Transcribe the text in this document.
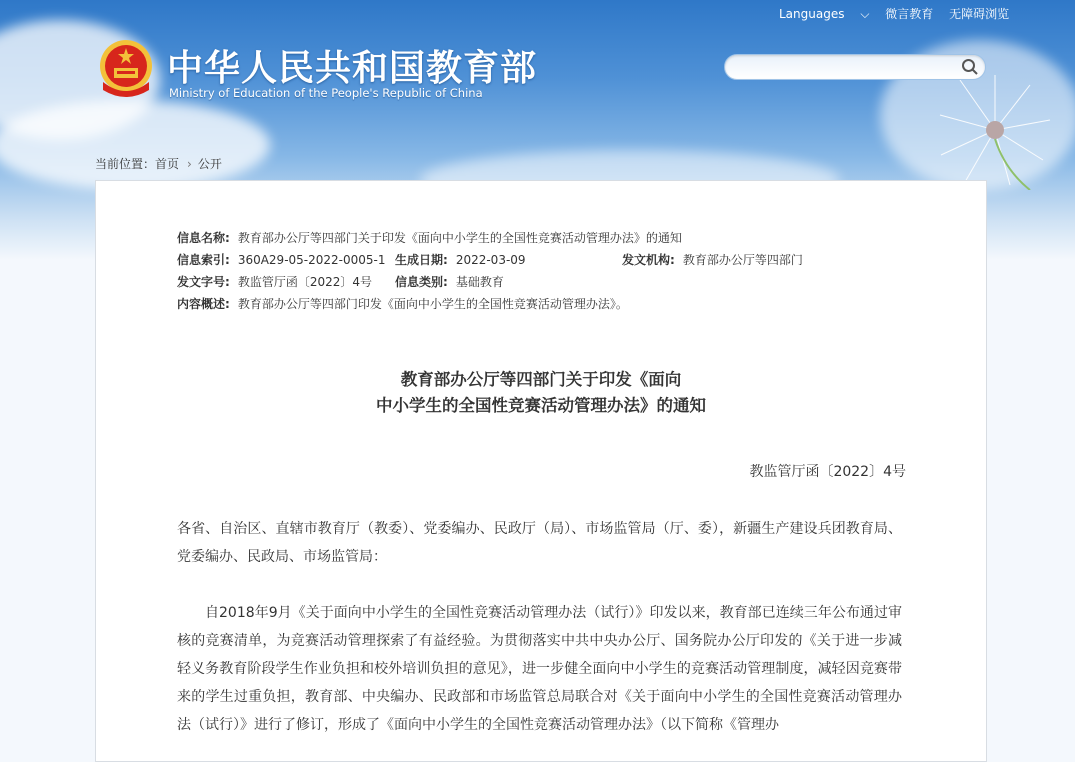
Languages ⌵ 微言教育 无障碍浏览
中华人民共和国教育部
Ministry of Education of the People's Republic of China
当前位置：首页 › 公开
信息名称: 教育部办公厅等四部门关于印发《面向中小学生的全国性竞赛活动管理办法》的通知
信息索引: 360A29-05-2022-0005-1 生成日期: 2022-03-09	发文机构: 教育部办公厅等四部门
发文字号: 教监管厅函〔2022〕4号 信息类别: 基础教育
内容概述: 教育部办公厅等四部门印发《面向中小学生的全国性竞赛活动管理办法》。
教育部办公厅等四部门关于印发《面向
中小学生的全国性竞赛活动管理办法》的通知
教监管厅函〔2022〕4号
各省、自治区、直辖市教育厅（教委）、党委编办、民政厅（局）、市场监管局（厅、委），新疆生产建设兵团教育局、党委编办、民政局、市场监管局：
自2018年9月《关于面向中小学生的全国性竞赛活动管理办法（试行）》印发以来，教育部已连续三年公布通过审核的竞赛清单，为竞赛活动管理探索了有益经验。为贯彻落实中共中央办公厅、国务院办公厅印发的《关于进一步减轻义务教育阶段学生作业负担和校外培训负担的意见》，进一步健全面向中小学生的竞赛活动管理制度，减轻因竞赛带来的学生过重负担，教育部、中央编办、民政部和市场监管总局联合对《关于面向中小学生的全国性竞赛活动管理办法（试行）》进行了修订，形成了《面向中小学生的全国性竞赛活动管理办法》（以下简称《管理办
